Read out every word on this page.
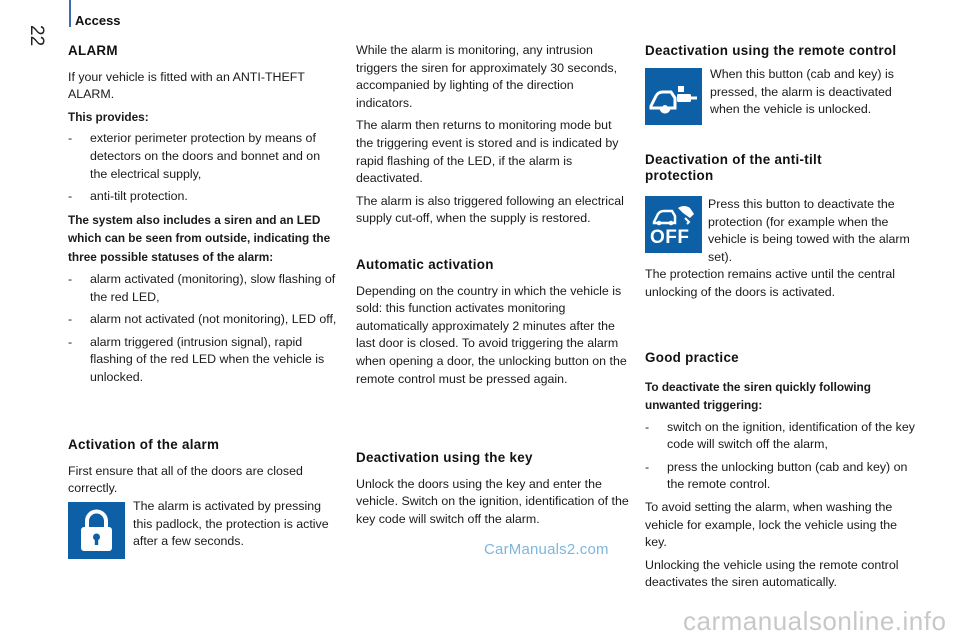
22
Access
ALARM

If your vehicle is fitted with an ANTI-THEFT ALARM.

This provides:

- exterior perimeter protection by means of detectors on the doors and bonnet and on the electrical supply,
- anti-tilt protection.

The system also includes a siren and an LED which can be seen from outside, indicating the three possible statuses of the alarm:

- alarm activated (monitoring), slow flashing of the red LED,
- alarm not activated (not monitoring), LED off,
- alarm triggered (intrusion signal), rapid flashing of the red LED when the vehicle is unlocked.
Activation of the alarm

First ensure that all of the doors are closed correctly.

The alarm is activated by pressing this padlock, the protection is active after a few seconds.

While the alarm is monitoring, any intrusion triggers the siren for approximately 30 seconds, accompanied by lighting of the direction indicators.

The alarm then returns to monitoring mode but the triggering event is stored and is indicated by rapid flashing of the LED, if the alarm is deactivated.

The alarm is also triggered following an electrical supply cut-off, when the supply is restored.

Automatic activation

Depending on the country in which the vehicle is sold: this function activates monitoring automatically approximately 2 minutes after the last door is closed. To avoid triggering the alarm when opening a door, the unlocking button on the remote control must be pressed again.

Deactivation using the key

Unlock the doors using the key and enter the vehicle. Switch on the ignition, identification of the key code will switch off the alarm.

CarManuals2.com
Deactivation using the remote control
When this button (cab and key) is pressed, the alarm is deactivated when the vehicle is unlocked.
Deactivation of the anti-tilt protection
OFF
Press this button to deactivate the protection (for example when the vehicle is being towed with the alarm set).

The protection remains active until the central unlocking of the doors is activated.

Good practice

To deactivate the siren quickly following unwanted triggering:

- switch on the ignition, identification of the key code will switch off the alarm,
- press the unlocking button (cab and key) on the remote control.

To avoid setting the alarm, when washing the vehicle for example, lock the vehicle using the key.

Unlocking the vehicle using the remote control deactivates the siren automatically.

carmanualsonline.info
